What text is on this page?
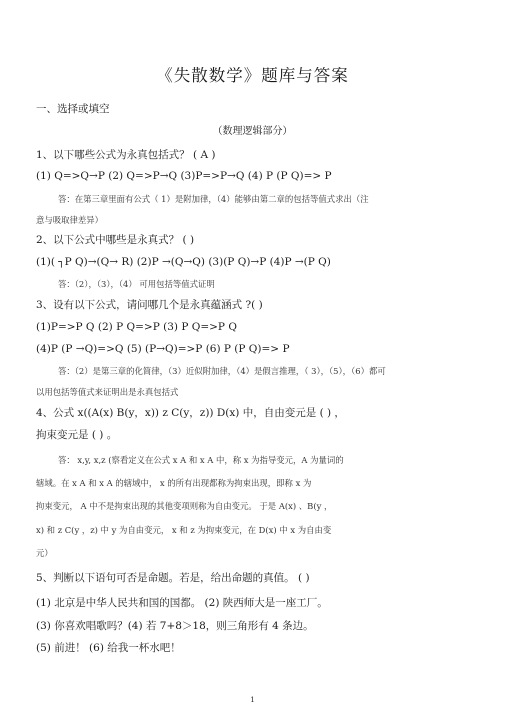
《失散数学》题库与答案
一、选择或填空
（数理逻辑部分）
1、以下哪些公式为永真包括式？ ( A )
(1) Q=>Q→P (2) Q=>P→Q (3)P=>P→Q (4) P (P Q)=> P
答：在第三章里面有公式（ 1）是附加律，（4）能够由第二章的包括等值式求出（注
意与吸取律差异）
2、以下公式中哪些是永真式？ ( )
(1)( ┐P Q)→(Q→ R) (2)P →(Q→Q) (3)(P Q)→P (4)P →(P Q)
答：（2），（3），（4） 可用包括等值式证明
3、设有以下公式，请问哪几个是永真蕴涵式 ?( )
(1)P=>P Q (2) P Q=>P (3) P Q=>P Q
(4)P (P →Q)=>Q (5) (P→Q)=>P (6) P (P Q)=> P
答：（2）是第三章的化简律，（3）近似附加律，（4）是假言推理，（ 3），（5），（6）都可
以用包括等值式来证明出是永真包括式
4、公式 x((A(x) B(y，x)) z C(y，z)) D(x) 中，自由变元是 ( ) ，
拘束变元是 ( ) 。
答： x,y, x,z (察看定义在公式 x A 和 x A 中，称 x 为指导变元，A 为量词的
辖域。在 x A 和 x A 的辖域中， x 的所有出现都称为拘束出现，即称 x 为
拘束变元， A 中不是拘束出现的其他变项则称为自由变元。 于是 A(x) 、B(y ，
x) 和 z C(y ，z) 中 y 为自由变元， x 和 z 为拘束变元，在 D(x) 中 x 为自由变
元）
5、判断以下语句可否是命题。若是，给出命题的真值。 ( )
(1) 北京是中华人民共和国的国都。 (2) 陕西师大是一座工厂。
(3) 你喜欢唱歌吗？(4) 若 7+8＞18，则三角形有 4 条边。
(5) 前进！ (6) 给我一杯水吧！
1
